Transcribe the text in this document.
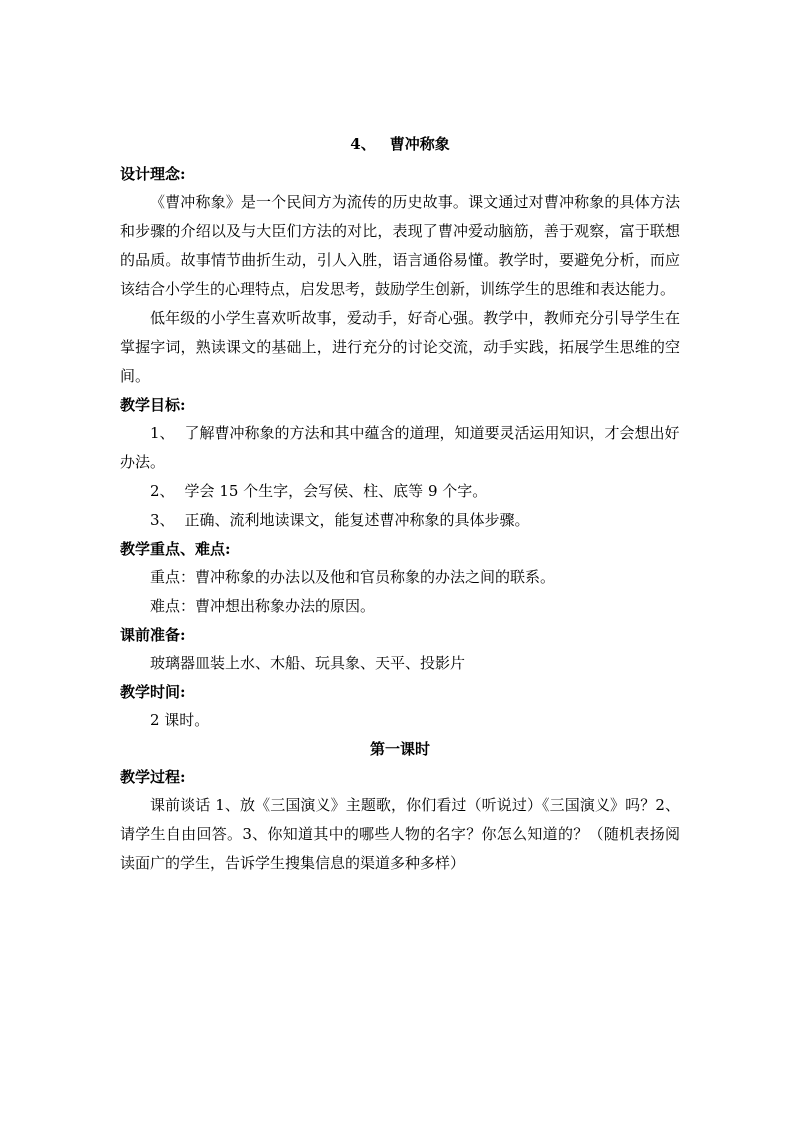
4、 曹冲称象
设计理念:

《曹冲称象》是一个民间方为流传的历史故事。课文通过对曹冲称象的具体方法和步骤的介绍以及与大臣们方法的对比，表现了曹冲爱动脑筋，善于观察，富于联想的品质。故事情节曲折生动，引人入胜，语言通俗易懂。教学时，要避免分析，而应该结合小学生的心理特点，启发思考，鼓励学生创新，训练学生的思维和表达能力。

低年级的小学生喜欢听故事，爱动手，好奇心强。教学中，教师充分引导学生在掌握字词，熟读课文的基础上，进行充分的讨论交流，动手实践，拓展学生思维的空间。

教学目标:

1、 了解曹冲称象的方法和其中蕴含的道理，知道要灵活运用知识，才会想出好办法。

2、 学会 15 个生字，会写侯、柱、底等 9 个字。

3、 正确、流利地读课文，能复述曹冲称象的具体步骤。

教学重点、难点:

重点：曹冲称象的办法以及他和官员称象的办法之间的联系。

难点：曹冲想出称象办法的原因。

课前准备:

玻璃器皿装上水、木船、玩具象、天平、投影片

教学时间:

2 课时。

第一课时
教学过程:

课前谈话 1、放《三国演义》主题歌，你们看过（听说过）《三国演义》吗？2、请学生自由回答。3、你知道其中的哪些人物的名字？你怎么知道的？（随机表扬阅读面广的学生，告诉学生搜集信息的渠道多种多样）
